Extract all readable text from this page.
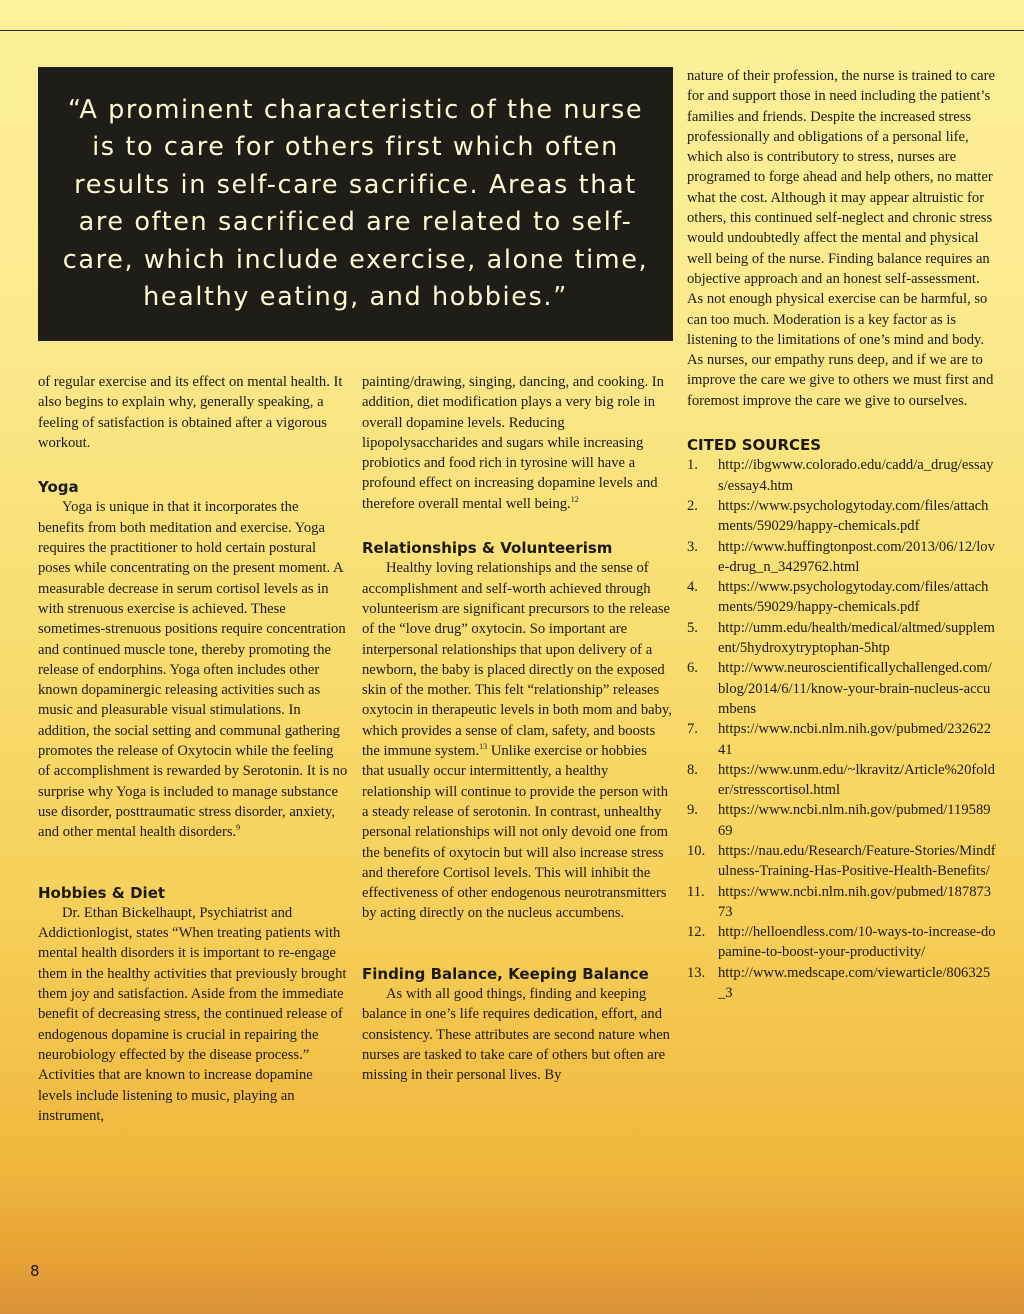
“A prominent characteristic of the nurse is to care for others first which often results in self-care sacrifice. Areas that are often sacrificed are related to self-care, which include exercise, alone time, healthy eating, and hobbies.”

of regular exercise and its effect on mental health. It also begins to explain why, generally speaking, a feeling of satisfaction is obtained after a vigorous workout.

Yoga

Yoga is unique in that it incorporates the benefits from both meditation and exercise. Yoga requires the practitioner to hold certain postural poses while concentrating on the present moment. A measurable decrease in serum cortisol levels as in with strenuous exercise is achieved. These sometimes-strenuous positions require concentration and continued muscle tone, thereby promoting the release of endorphins. Yoga often includes other known dopaminergic releasing activities such as music and pleasurable visual stimulations. In addition, the social setting and communal gathering promotes the release of Oxytocin while the feeling of accomplishment is rewarded by Serotonin. It is no surprise why Yoga is included to manage substance use disorder, posttraumatic stress disorder, anxiety, and other mental health disorders.$^9$

Hobbies & Diet

Dr. Ethan Bickelhaupt, Psychiatrist and Addictionlogist, states “When treating patients with mental health disorders it is important to re-engage them in the healthy activities that previously brought them joy and satisfaction. Aside from the immediate benefit of decreasing stress, the continued release of endogenous dopamine is crucial in repairing the neurobiology effected by the disease process.” Activities that are known to increase dopamine levels include listening to music, playing an instrument,

painting/drawing, singing, dancing, and cooking. In addition, diet modification plays a very big role in overall dopamine levels. Reducing lipopolysaccharides and sugars while increasing probiotics and food rich in tyrosine will have a profound effect on increasing dopamine levels and therefore overall mental well being.$^{12}$

Relationships & Volunteerism

Healthy loving relationships and the sense of accomplishment and self-worth achieved through volunteerism are significant precursors to the release of the “love drug” oxytocin. So important are interpersonal relationships that upon delivery of a newborn, the baby is placed directly on the exposed skin of the mother. This felt “relationship” releases oxytocin in therapeutic levels in both mom and baby, which provides a sense of clam, safety, and boosts the immune system.$^{13}$ Unlike exercise or hobbies that usually occur intermittently, a healthy relationship will continue to provide the person with a steady release of serotonin. In contrast, unhealthy personal relationships will not only devoid one from the benefits of oxytocin but will also increase stress and therefore Cortisol levels. This will inhibit the effectiveness of other endogenous neurotransmitters by acting directly on the nucleus accumbens.

Finding Balance, Keeping Balance

As with all good things, finding and keeping balance in one’s life requires dedication, effort, and consistency. These attributes are second nature when nurses are tasked to take care of others but often are missing in their personal lives. By

nature of their profession, the nurse is trained to care for and support those in need including the patient’s families and friends. Despite the increased stress professionally and obligations of a personal life, which also is contributory to stress, nurses are programed to forge ahead and help others, no matter what the cost. Although it may appear altruistic for others, this continued self-neglect and chronic stress would undoubtedly affect the mental and physical well being of the nurse. Finding balance requires an objective approach and an honest self-assessment. As not enough physical exercise can be harmful, so can too much. Moderation is a key factor as is listening to the limitations of one’s mind and body. As nurses, our empathy runs deep, and if we are to improve the care we give to others we must first and foremost improve the care we give to ourselves.

CITED SOURCES
1.	http://ibgwww.colorado.edu/cadd/a_drug/essays/essay4.htm
2.	https://www.psychologytoday.com/files/attachments/59029/happy-chemicals.pdf
3.	http://www.huffingtonpost.com/2013/06/12/love-drug_n_3429762.html
4.	https://www.psychologytoday.com/files/attachments/59029/happy-chemicals.pdf
5.	http://umm.edu/health/medical/altmed/supplement/5hydroxytryptophan-5htp
6.	http://www.neuroscientificallychallenged.com/blog/2014/6/11/know-your-brain-nucleus-accumbens
7.	https://www.ncbi.nlm.nih.gov/pubmed/23262241
8.	https://www.unm.edu/~lkravitz/Article%20folder/stresscortisol.html
9.	https://www.ncbi.nlm.nih.gov/pubmed/11958969
10. https://nau.edu/Research/Feature-Stories/Mindfulness-Training-Has-Positive-Health-Benefits/
11. https://www.ncbi.nlm.nih.gov/pubmed/18787373
12. http://helloendless.com/10-ways-to-increase-dopamine-to-boost-your-productivity/
13. http://www.medscape.com/viewarticle/806325_3
8
